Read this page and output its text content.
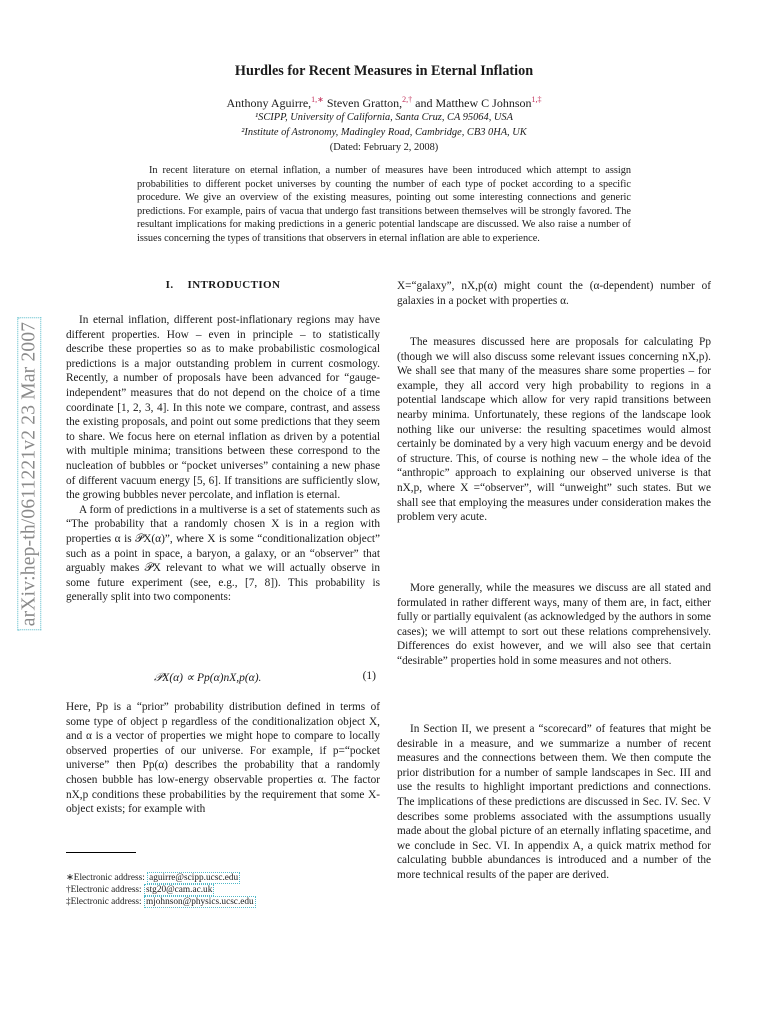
arXiv:hep-th/0611221v2 23 Mar 2007
Hurdles for Recent Measures in Eternal Inflation
Anthony Aguirre,$^{1,∗}$ Steven Gratton,$^{2,\dagger}$ and Matthew C Johnson$^{1,\ddagger}$
¹SCIPP, University of California, Santa Cruz, CA 95064, USA
²Institute of Astronomy, Madingley Road, Cambridge, CB3 0HA, UK
(Dated: February 2, 2008)
In recent literature on eternal inflation, a number of measures have been introduced which attempt to assign probabilities to different pocket universes by counting the number of each type of pocket according to a specific procedure. We give an overview of the existing measures, pointing out some interesting connections and generic predictions. For example, pairs of vacua that undergo fast transitions between themselves will be strongly favored. The resultant implications for making predictions in a generic potential landscape are discussed. We also raise a number of issues concerning the types of transitions that observers in eternal inflation are able to experience.
I. INTRODUCTION

In eternal inflation, different post-inflationary regions may have different properties. How – even in principle – to statistically describe these properties so as to make probabilistic cosmological predictions is a major outstanding problem in current cosmology. Recently, a number of proposals have been advanced for “gauge-independent” measures that do not depend on the choice of a time coordinate [1, 2, 3, 4]. In this note we compare, contrast, and assess the existing proposals, and point out some predictions that they seem to share. We focus here on eternal inflation as driven by a potential with multiple minima; transitions between these correspond to the nucleation of bubbles or “pocket universes” containing a new phase of different vacuum energy [5, 6]. If transitions are sufficiently slow, the growing bubbles never percolate, and inflation is eternal.

A form of predictions in a multiverse is a set of statements such as “The probability that a randomly chosen X is in a region with properties α is 𝒫X(α)”, where X is some “conditionalization object” such as a point in space, a baryon, a galaxy, or an “observer” that arguably makes 𝒫X relevant to what we will actually observe in some future experiment (see, e.g., [7, 8]). This probability is generally split into two components:

𝒫X(α) ∝ Pp(α)nX,p(α).	(1)

Here, Pp is a “prior” probability distribution defined in terms of some type of object p regardless of the conditionalization object X, and α is a vector of properties we might hope to compare to locally observed properties of our universe. For example, if p=“pocket universe” then Pp(α) describes the probability that a randomly chosen bubble has low-energy observable properties α. The factor nX,p conditions these probabilities by the requirement that some X-object exists; for example with

∗Electronic address: aguirre@scipp.ucsc.edu
†Electronic address: stg20@cam.ac.uk
‡Electronic address: mjohnson@physics.ucsc.edu

X=“galaxy”, nX,p(α) might count the (α-dependent) number of galaxies in a pocket with properties α.

The measures discussed here are proposals for calculating Pp (though we will also discuss some relevant issues concerning nX,p). We shall see that many of the measures share some properties – for example, they all accord very high probability to regions in a potential landscape which allow for very rapid transitions between nearby minima. Unfortunately, these regions of the landscape look nothing like our universe: the resulting spacetimes would almost certainly be dominated by a very high vacuum energy and be devoid of structure. This, of course is nothing new – the whole idea of the “anthropic” approach to explaining our observed universe is that nX,p, where X =“observer”, will “unweight” such states. But we shall see that employing the measures under consideration makes the problem very acute.

More generally, while the measures we discuss are all stated and formulated in rather different ways, many of them are, in fact, either fully or partially equivalent (as acknowledged by the authors in some cases); we will attempt to sort out these relations comprehensively. Differences do exist however, and we will also see that certain “desirable” properties hold in some measures and not others.

In Section II, we present a “scorecard” of features that might be desirable in a measure, and we summarize a number of recent measures and the connections between them. We then compute the prior distribution for a number of sample landscapes in Sec. III and use the results to highlight important predictions and connections. The implications of these predictions are discussed in Sec. IV. Sec. V describes some problems associated with the assumptions usually made about the global picture of an eternally inflating spacetime, and we conclude in Sec. VI. In appendix A, a quick matrix method for calculating bubble abundances is introduced and a number of the more technical results of the paper are derived.
